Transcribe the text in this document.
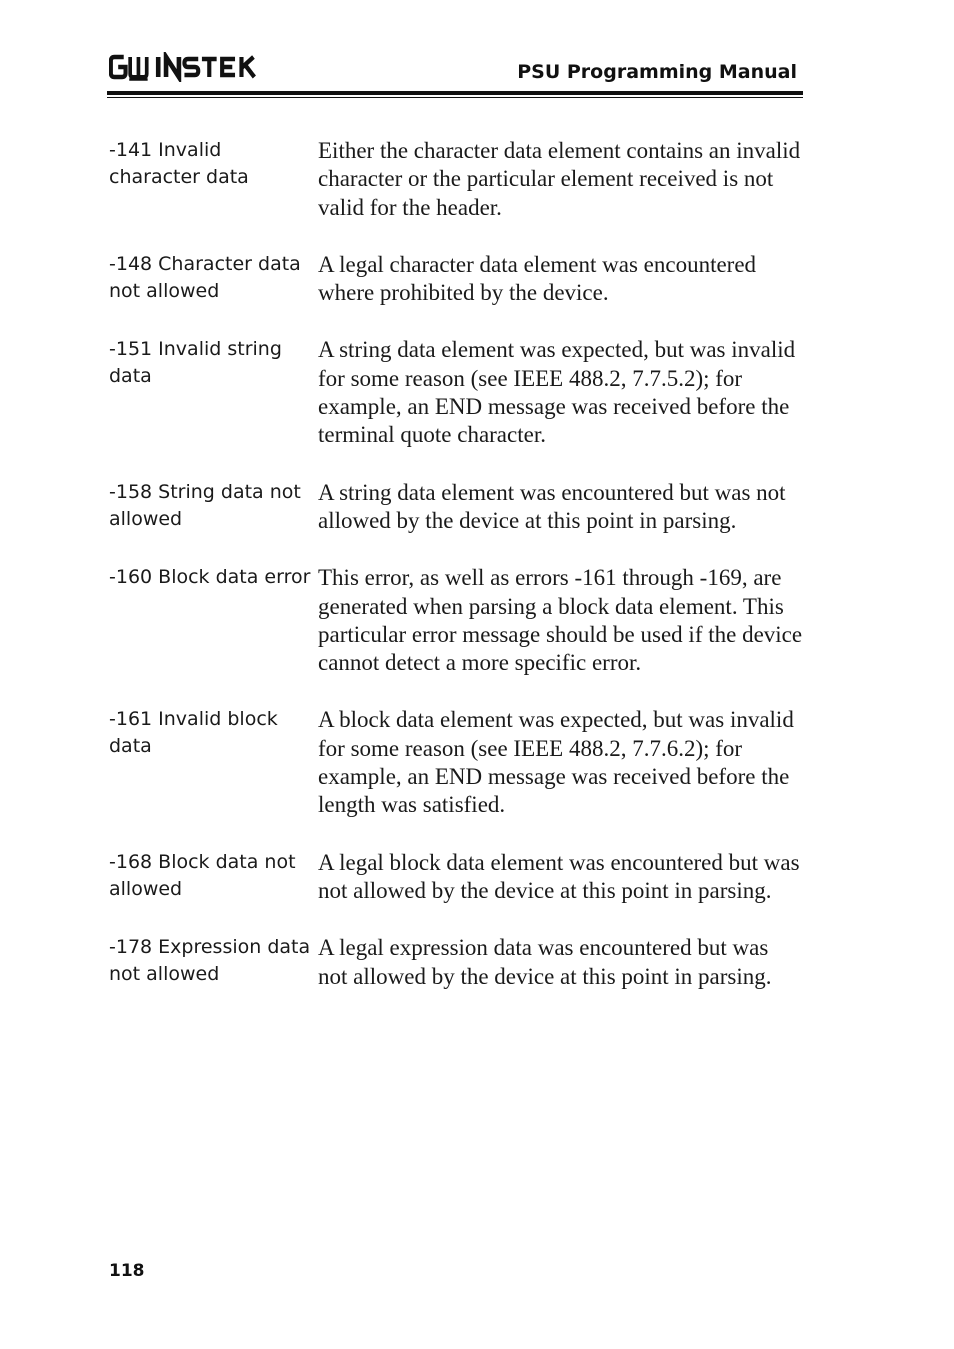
PSU Programming Manual
-141 Invalid character data
Either the character data element contains an invalid character or the particular element received is not valid for the header.
-148 Character data not allowed
A legal character data element was encountered where prohibited by the device.
-151 Invalid string data
A string data element was expected, but was invalid for some reason (see IEEE 488.2, 7.7.5.2); for example, an END message was received before the terminal quote character.
-158 String data not allowed
A string data element was encountered but was not allowed by the device at this point in parsing.
-160 Block data error This error, as well as errors -161 through -169, are generated when parsing a block data element. This particular error message should be used if the device cannot detect a more specific error.
-161 Invalid block data
A block data element was expected, but was invalid for some reason (see IEEE 488.2, 7.7.6.2); for example, an END message was received before the length was satisfied.
-168 Block data not allowed
A legal block data element was encountered but was not allowed by the device at this point in parsing.
-178 Expression data not allowed
A legal expression data was encountered but was not allowed by the device at this point in parsing.
118
